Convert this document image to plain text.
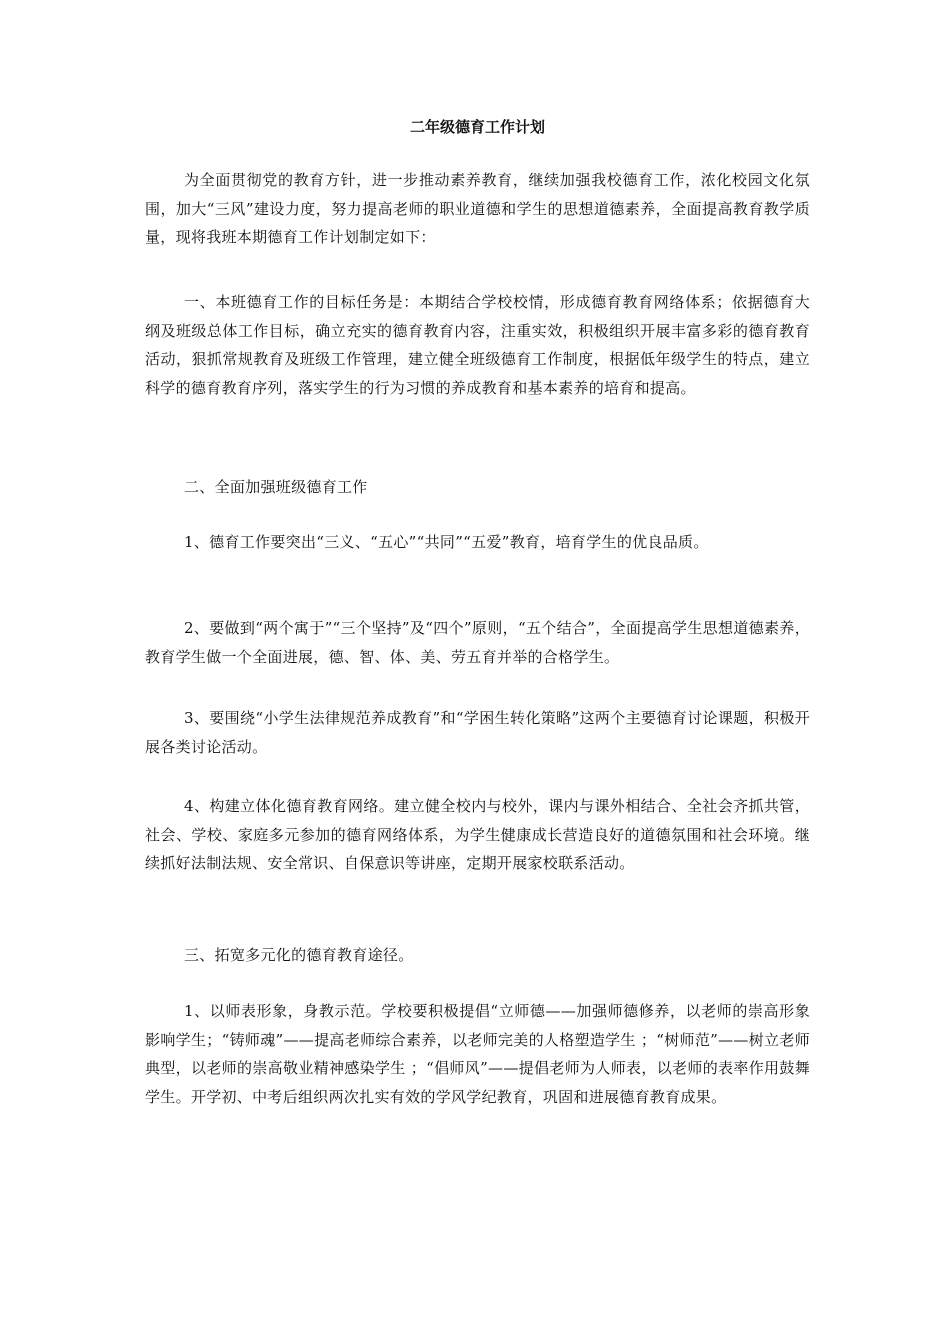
二年级德育工作计划

为全面贯彻党的教育方针，进一步推动素养教育，继续加强我校德育工作，浓化校园文化氛围，加大“三风”建设力度，努力提高老师的职业道德和学生的思想道德素养，全面提高教育教学质量，现将我班本期德育工作计划制定如下：

一、本班德育工作的目标任务是：本期结合学校校情，形成德育教育网络体系；依据德育大纲及班级总体工作目标，确立充实的德育教育内容，注重实效，积极组织开展丰富多彩的德育教育活动，狠抓常规教育及班级工作管理，建立健全班级德育工作制度，根据低年级学生的特点，建立科学的德育教育序列，落实学生的行为习惯的养成教育和基本素养的培育和提高。

二、全面加强班级德育工作

1、德育工作要突出“三义、“五心”“共同”“五爱”教育，培育学生的优良品质。

2、要做到“两个寓于”“三个坚持”及“四个”原则，“五个结合”，全面提高学生思想道德素养，教育学生做一个全面进展，德、智、体、美、劳五育并举的合格学生。

3、要围绕“小学生法律规范养成教育”和“学困生转化策略”这两个主要德育讨论课题，积极开展各类讨论活动。

4、构建立体化德育教育网络。建立健全校内与校外，课内与课外相结合、全社会齐抓共管，社会、学校、家庭多元参加的德育网络体系，为学生健康成长营造良好的道德氛围和社会环境。继续抓好法制法规、安全常识、自保意识等讲座，定期开展家校联系活动。

三、拓宽多元化的德育教育途径。

1、以师表形象，身教示范。学校要积极提倡“立师德——加强师德修养，以老师的崇高形象影响学生；“铸师魂”——提高老师综合素养，以老师完美的人格塑造学生 ；“树师范”——树立老师典型，以老师的崇高敬业精神感染学生 ；“倡师风”——提倡老师为人师表，以老师的表率作用鼓舞学生。开学初、中考后组织两次扎实有效的学风学纪教育，巩固和进展德育教育成果。
